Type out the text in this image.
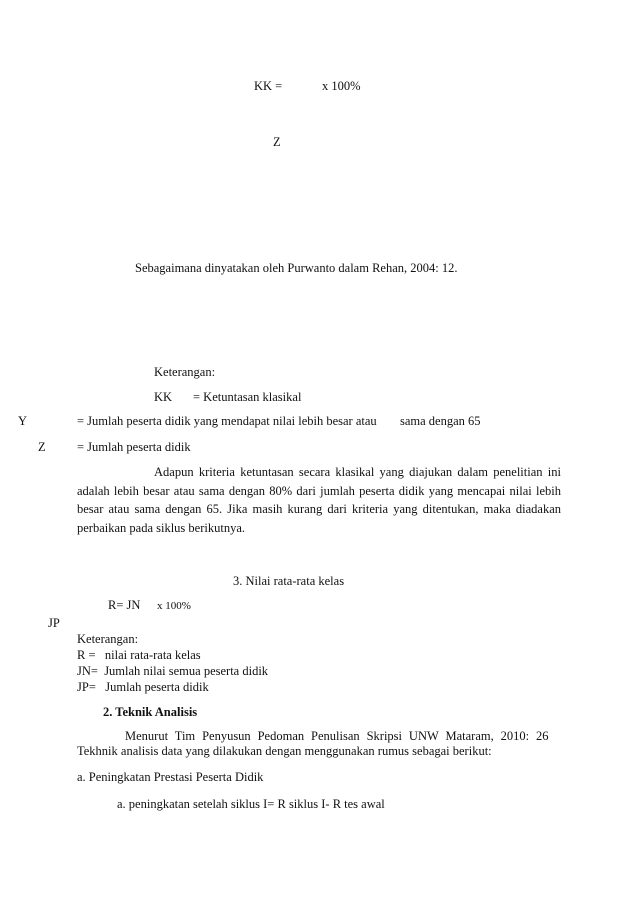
KK =	x 100%
Z
Sebagaimana dinyatakan oleh Purwanto dalam Rehan, 2004: 12.
Keterangan:
KK = Ketuntasan klasikal
Y	= Jumlah peserta didik yang mendapat nilai lebih besar atau sama dengan 65
Z	= Jumlah peserta didik
Adapun kriteria ketuntasan secara klasikal yang diajukan dalam penelitian ini adalah lebih besar atau sama dengan 80% dari jumlah peserta didik yang mencapai nilai lebih besar atau sama dengan 65. Jika masih kurang dari kriteria yang ditentukan, maka diadakan perbaikan pada siklus berikutnya.
3. Nilai rata-rata kelas
R= JN x 100%
JP
Keterangan:
R =   nilai rata-rata kelas
JN=  Jumlah nilai semua peserta didik
JP=   Jumlah peserta didik
2. Teknik Analisis
Menurut Tim Penyusun Pedoman Penulisan Skripsi UNW Mataram, 2010: 26
Tekhnik analisis data yang dilakukan dengan menggunakan rumus sebagai berikut:
a. Peningkatan Prestasi Peserta Didik
a. peningkatan setelah siklus I= R siklus I- R tes awal
